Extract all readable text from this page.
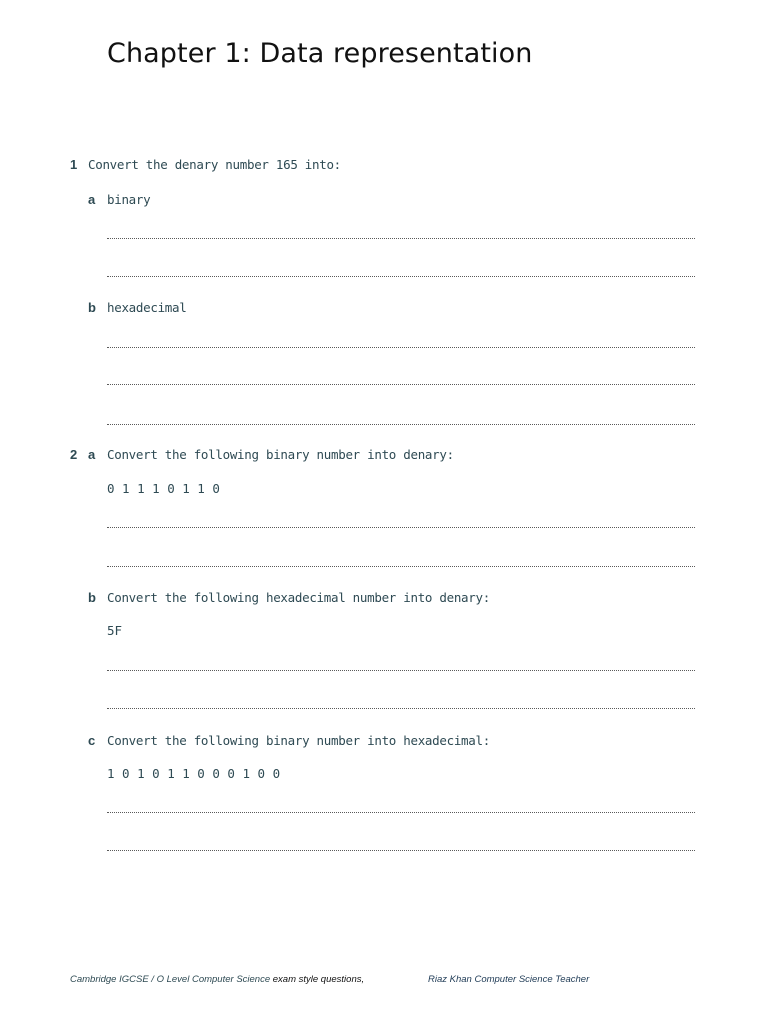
Chapter 1: Data representation
1 Convert the denary number 165 into:
a binary
b hexadecimal
2 a Convert the following binary number into denary:
0 1 1 1 0 1 1 0
b Convert the following hexadecimal number into denary:
5F
c Convert the following binary number into hexadecimal:
1 0 1 0 1 1 0 0 0 1 0 0
Cambridge IGCSE / O Level Computer Science exam style questions,	Riaz Khan Computer Science Teacher
